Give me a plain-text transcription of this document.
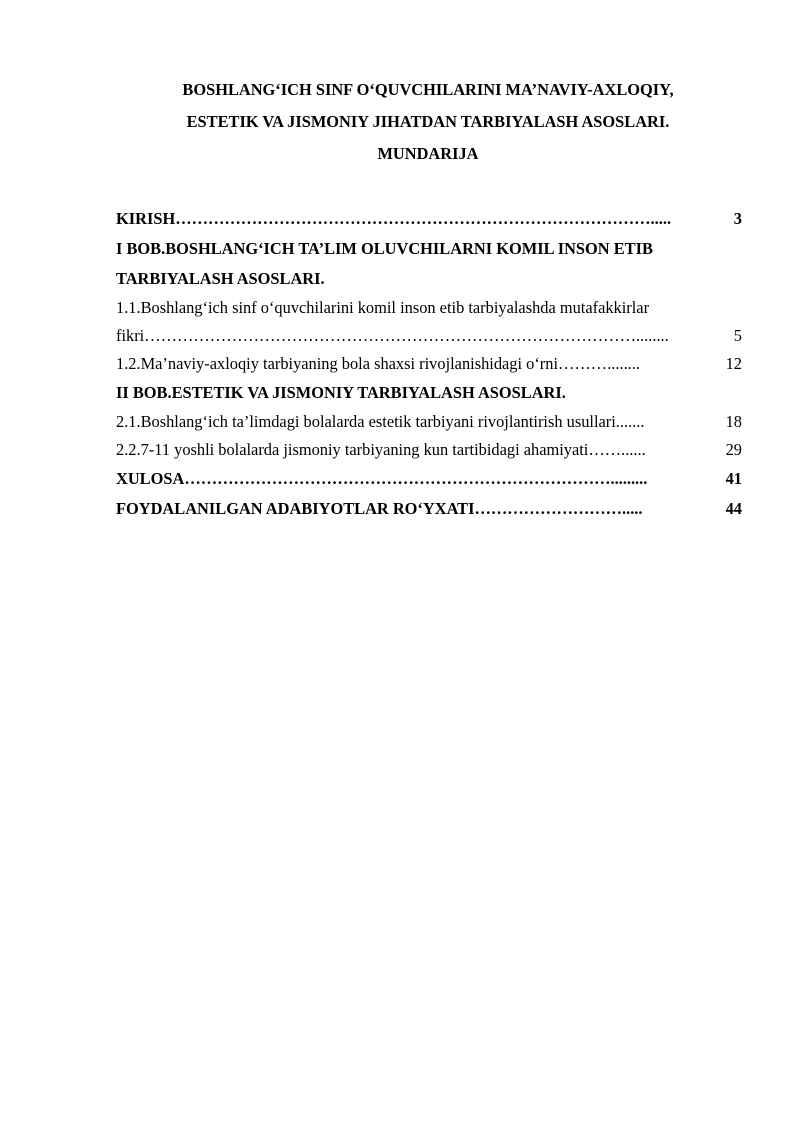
BOSHLANG‘ICH SINF O‘QUVCHILARINI MA’NAVIY-AXLOQIY,
ESTETIK VA JISMONIY JIHATDAN TARBIYALASH ASOSLARI.
MUNDARIJA
KIRISH …………………………………………………………………………….....	3
I BOB.BOSHLANG‘ICH TA’LIM OLUVCHILARNI KOMIL INSON ETIB
TARBIYALASH ASOSLARI.
1.1.Boshlang‘ich sinf o‘quvchilarini komil inson etib tarbiyalashda mutafakkirlar
fikri ………………………………………………………………………………........	5
1.2.Ma’naviy-axloqiy tarbiyaning bola shaxsi rivojlanishidagi o‘rni ………........	12
II BOB.ESTETIK VA JISMONIY TARBIYALASH ASOSLARI.
2.1.Boshlang‘ich ta’limdagi bolalarda estetik tarbiyani rivojlantirish usullari .......	18
2.2.7-11 yoshli bolalarda jismoniy tarbiyaning kun tartibidagi ahamiyati ……......	29
XULOSA …………………………………………………………………….........	41
FOYDALANILGAN ADABIYOTLAR RO‘YXATI ……………………….....	44
